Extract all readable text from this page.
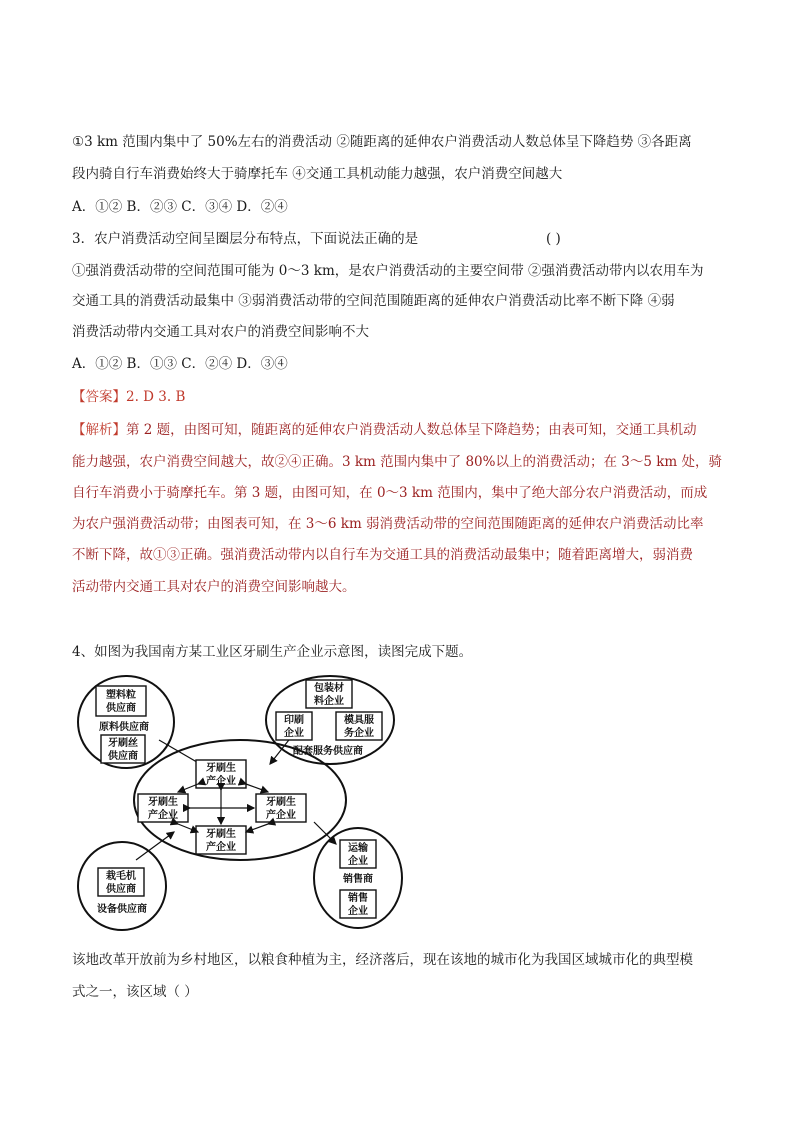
①3 km 范围内集中了 50%左右的消费活动 ②随距离的延伸农户消费活动人数总体呈下降趋势 ③各距离
段内骑自行车消费始终大于骑摩托车 ④交通工具机动能力越强，农户消费空间越大
A．①② B．②③ C．③④ D．②④
3．农户消费活动空间呈圈层分布特点，下面说法正确的是	( )
①强消费活动带的空间范围可能为 0～3 km，是农户消费活动的主要空间带 ②强消费活动带内以农用车为
交通工具的消费活动最集中 ③弱消费活动带的空间范围随距离的延伸农户消费活动比率不断下降 ④弱
消费活动带内交通工具对农户的消费空间影响不大
A．①② B．①③ C．②④ D．③④
【答案】2. D 3. B
【解析】第 2 题，由图可知，随距离的延伸农户消费活动人数总体呈下降趋势；由表可知，交通工具机动
能力越强，农户消费空间越大，故②④正确。3 km 范围内集中了 80%以上的消费活动；在 3～5 km 处，骑
自行车消费小于骑摩托车。第 3 题，由图可知，在 0～3 km 范围内，集中了绝大部分农户消费活动，而成
为农户强消费活动带；由图表可知，在 3～6 km 弱消费活动带的空间范围随距离的延伸农户消费活动比率
不断下降，故①③正确。强消费活动带内以自行车为交通工具的消费活动最集中；随着距离增大，弱消费
活动带内交通工具对农户的消费空间影响越大。
4、如图为我国南方某工业区牙刷生产企业示意图，读图完成下题。
塑料粒
供应商
原料供应商
牙刷丝
供应商
包装材
料企业
印刷
企业
模具服
务企业
配套服务供应商
牙刷生
产企业
牙刷生
产企业
牙刷生
产企业
牙刷生
产企业
栽毛机
供应商
设备供应商
运输
企业
销售商
销售
企业
该地改革开放前为乡村地区，以粮食种植为主，经济落后，现在该地的城市化为我国区域城市化的典型模
式之一，该区域（ ）
